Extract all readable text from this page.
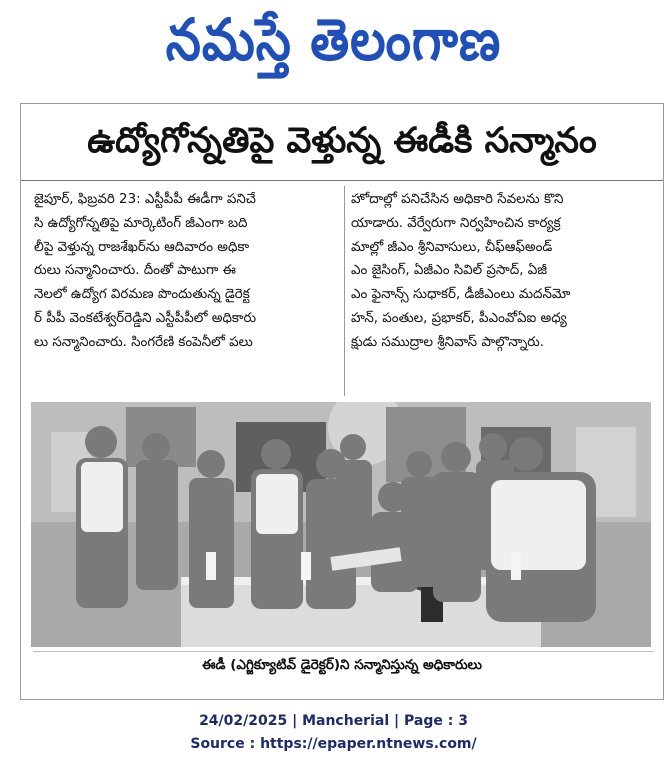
నమస్తే తెలంగాణ
ఉద్యోగోన్నతిపై వెళ్తున్న ఈడీకి సన్మానం
జైపూర్, ఫిబ్రవరి 23: ఎస్టీపీపీ ఈడీగా పనిచే
సి ఉద్యోగోన్నతిపై మార్కెటింగ్ జీఎంగా బది
లీపై వెళ్తున్న రాజశేఖర్‌ను ఆదివారం అధికా
రులు సన్మానించారు. దీంతో పాటుగా ఈ
నెలలో ఉద్యోగ విరమణ పొందుతున్న డైరెక్ట
ర్ పీపీ వెంకటేశ్వర్‌రెడ్డిని ఎస్టీపీపీలో అధికారు
లు సన్మానించారు. సింగరేణి కంపెనీలో పలు
హోదాల్లో పనిచేసిన అధికారి సేవలను కొని
యాడారు. వేర్వేరుగా నిర్వహించిన కార్యక్ర
మాల్లో జీఎం శ్రీనివాసులు, చీఫ్‌ఆఫ్‌అండ్
ఎం జైసింగ్, ఏజీఎం సివిల్ ప్రసాద్, ఏజీ
ఎం ఫైనాన్స్ సుధాకర్, డీజీఎంలు మదన్‌మో
హన్, పంతుల, ప్రభాకర్, పీఎంవోఏఐ అధ్య
క్షుడు సముద్రాల శ్రీనివాస్ పాల్గొన్నారు.
ఈడీ (ఎగ్జిక్యూటివ్ డైరెక్టర్)ని సన్మానిస్తున్న అధికారులు
24/02/2025 | Mancherial | Page : 3
Source : https://epaper.ntnews.com/
